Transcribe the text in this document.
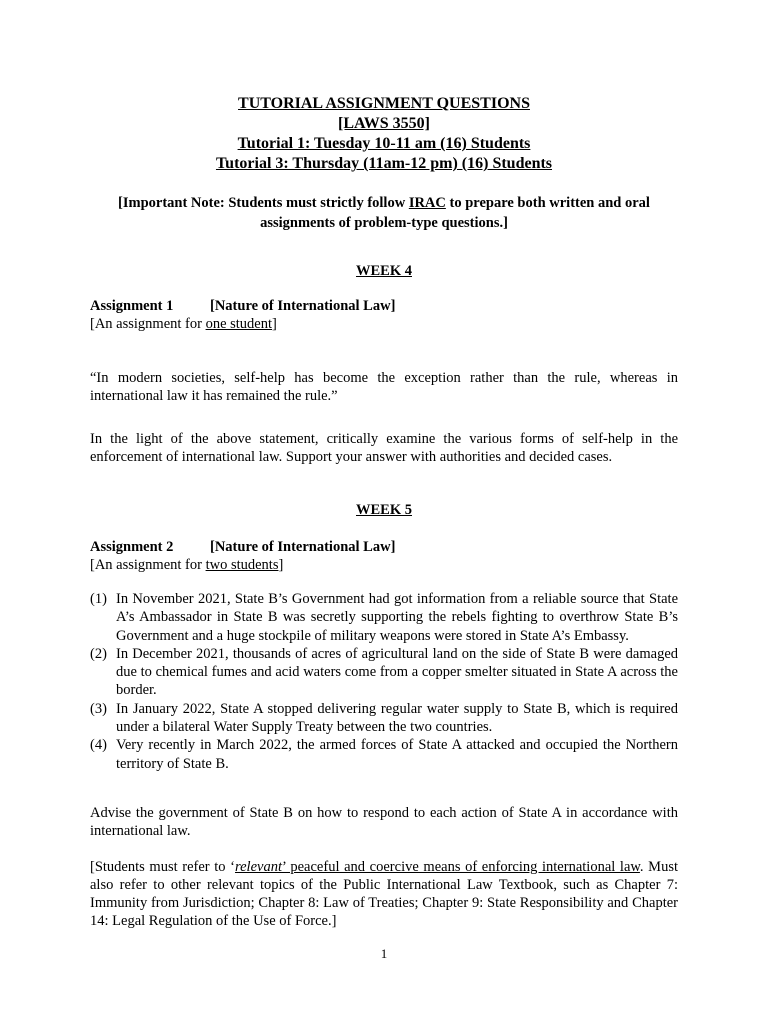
TUTORIAL ASSIGNMENT QUESTIONS
[LAWS 3550]
Tutorial 1: Tuesday 10-11 am (16) Students
Tutorial 3: Thursday (11am-12 pm) (16) Students
[Important Note: Students must strictly follow IRAC to prepare both written and oral assignments of problem-type questions.]
WEEK 4
Assignment 1	[Nature of International Law]
[An assignment for one student]
“In modern societies, self-help has become the exception rather than the rule, whereas in international law it has remained the rule.”
In the light of the above statement, critically examine the various forms of self-help in the enforcement of international law. Support your answer with authorities and decided cases.
WEEK 5
Assignment 2	[Nature of International Law]
[An assignment for two students]
(1) In November 2021, State B’s Government had got information from a reliable source that State A’s Ambassador in State B was secretly supporting the rebels fighting to overthrow State B’s Government and a huge stockpile of military weapons were stored in State A’s Embassy.
(2) In December 2021, thousands of acres of agricultural land on the side of State B were damaged due to chemical fumes and acid waters come from a copper smelter situated in State A across the border.
(3) In January 2022, State A stopped delivering regular water supply to State B, which is required under a bilateral Water Supply Treaty between the two countries.
(4) Very recently in March 2022, the armed forces of State A attacked and occupied the Northern territory of State B.
Advise the government of State B on how to respond to each action of State A in accordance with international law.
[Students must refer to ‘relevant’ peaceful and coercive means of enforcing international law. Must also refer to other relevant topics of the Public International Law Textbook, such as Chapter 7: Immunity from Jurisdiction; Chapter 8: Law of Treaties; Chapter 9: State Responsibility and Chapter 14: Legal Regulation of the Use of Force.]
1
